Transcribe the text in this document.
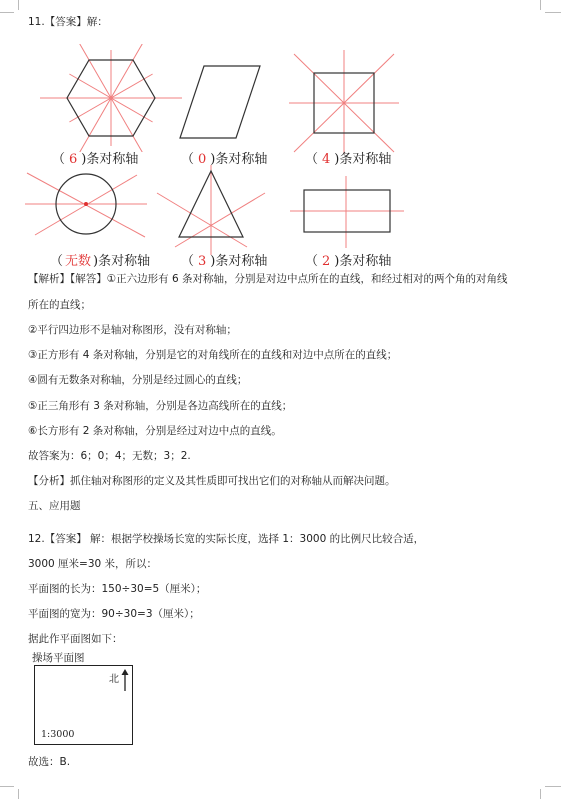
11.【答案】解：
（ 6 )条对称轴	（ 0 )条对称轴	（ 4 )条对称轴
（ 无数 )条对称轴 （ 3 )条对称轴	（ 2 )条对称轴
【解析】【解答】①正六边形有 6 条对称轴，分别是对边中点所在的直线，和经过相对的两个角的对角线
所在的直线；
②平行四边形不是轴对称图形，没有对称轴；
③正方形有 4 条对称轴，分别是它的对角线所在的直线和对边中点所在的直线；
④圆有无数条对称轴，分别是经过圆心的直线；
⑤正三角形有 3 条对称轴，分别是各边高线所在的直线；
⑥长方形有 2 条对称轴，分别是经过对边中点的直线。
故答案为：6；0；4；无数；3；2.
【分析】抓住轴对称图形的定义及其性质即可找出它们的对称轴从而解决问题。
五、应用题
12.【答案】 解：根据学校操场长宽的实际长度，选择 1：3000 的比例尺比较合适，
3000 厘米=30 米，所以：
平面图的长为：150÷30=5（厘米）；
平面图的宽为：90÷30=3（厘米）；
据此作平面图如下：
操场平面图
北
1:3000
故选：B.
